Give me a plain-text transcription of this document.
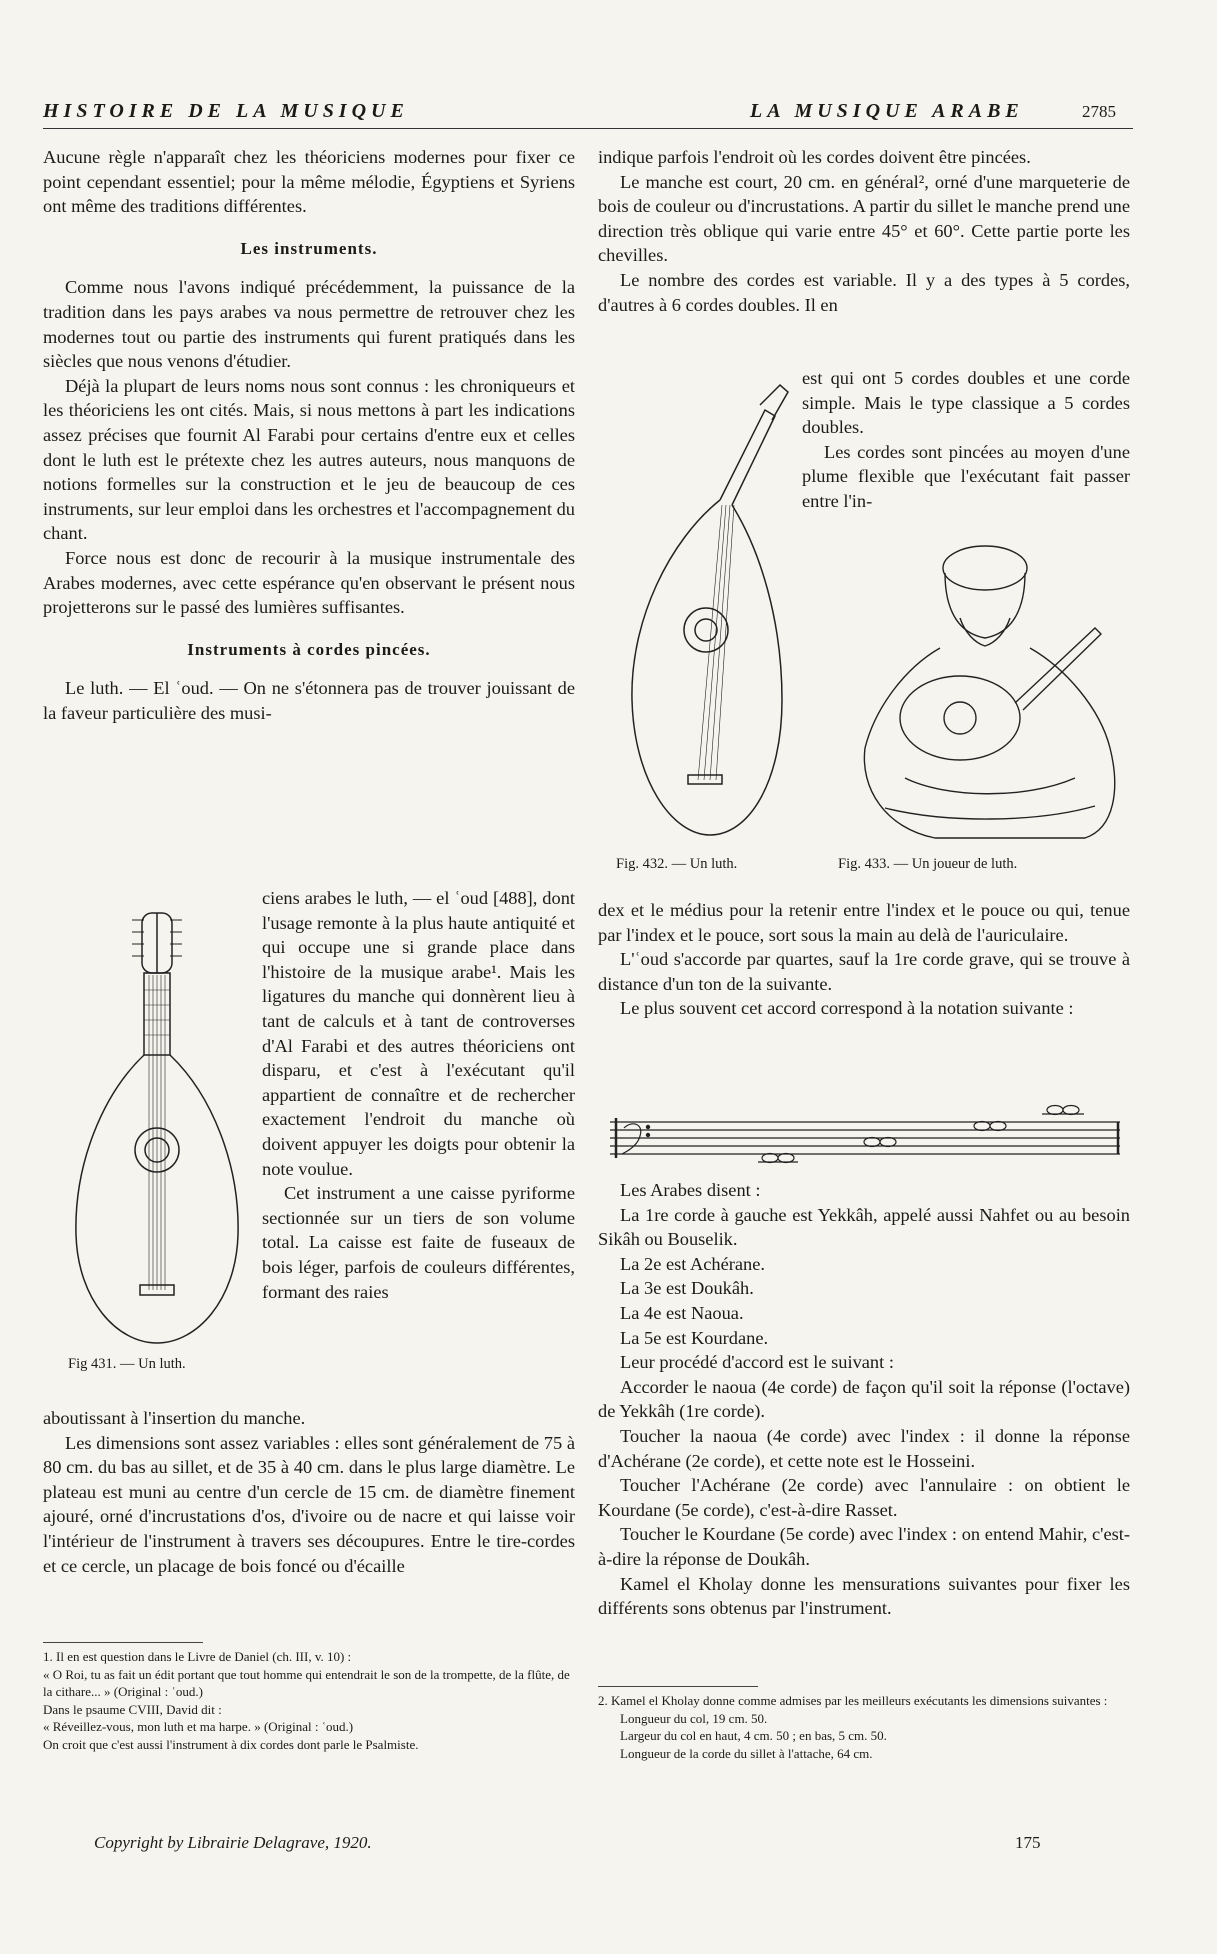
HISTOIRE DE LA MUSIQUE	LA MUSIQUE ARABE	2785

Aucune règle n'apparaît chez les théoriciens modernes pour fixer ce point cependant essentiel; pour la même mélodie, Égyptiens et Syriens ont même des traditions différentes.

Les instruments.

Comme nous l'avons indiqué précédemment, la puissance de la tradition dans les pays arabes va nous permettre de retrouver chez les modernes tout ou partie des instruments qui furent pratiqués dans les siècles que nous venons d'étudier.

Déjà la plupart de leurs noms nous sont connus : les chroniqueurs et les théoriciens les ont cités. Mais, si nous mettons à part les indications assez précises que fournit Al Farabi pour certains d'entre eux et celles dont le luth est le prétexte chez les autres auteurs, nous manquons de notions formelles sur la construction et le jeu de beaucoup de ces instruments, sur leur emploi dans les orchestres et l'accompagnement du chant.

Force nous est donc de recourir à la musique instrumentale des Arabes modernes, avec cette espérance qu'en observant le présent nous projetterons sur le passé des lumières suffisantes.

Instruments à cordes pincées.

Le luth. — El ʿoud. — On ne s'étonnera pas de trouver jouissant de la faveur particulière des musi-

ciens arabes le luth, — el ʿoud [488], dont l'usage remonte à la plus haute antiquité et qui occupe une si grande place dans l'histoire de la musique arabe¹. Mais les ligatures du manche qui donnèrent lieu à tant de calculs et à tant de controverses d'Al Farabi et des autres théoriciens ont disparu, et c'est à l'exécutant qu'il appartient de connaître et de rechercher exactement l'endroit du manche où doivent appuyer les doigts pour obtenir la note voulue.

Cet instrument a une caisse pyriforme sectionnée sur un tiers de son volume total. La caisse est faite de fuseaux de bois léger, parfois de couleurs différentes, formant des raies

Fig 431. — Un luth.

aboutissant à l'insertion du manche.

Les dimensions sont assez variables : elles sont généralement de 75 à 80 cm. du bas au sillet, et de 35 à 40 cm. dans le plus large diamètre. Le plateau est muni au centre d'un cercle de 15 cm. de diamètre finement ajouré, orné d'incrustations d'os, d'ivoire ou de nacre et qui laisse voir l'intérieur de l'instrument à travers ses découpures. Entre le tire-cordes et ce cercle, un placage de bois foncé ou d'écaille

1. Il en est question dans le Livre de Daniel (ch. III, v. 10) :
« O Roi, tu as fait un édit portant que tout homme qui entendrait le son de la trompette, de la flûte, de la cithare... » (Original : ʿoud.)
Dans le psaume CVIII, David dit :
« Réveillez-vous, mon luth et ma harpe. » (Original : ʿoud.)
On croit que c'est aussi l'instrument à dix cordes dont parle le Psalmiste.

indique parfois l'endroit où les cordes doivent être pincées.

Le manche est court, 20 cm. en général², orné d'une marqueterie de bois de couleur ou d'incrustations. A partir du sillet le manche prend une direction très oblique qui varie entre 45° et 60°. Cette partie porte les chevilles.

Le nombre des cordes est variable. Il y a des types à 5 cordes, d'autres à 6 cordes doubles. Il en

est qui ont 5 cordes doubles et une corde simple. Mais le type classique a 5 cordes doubles.

Les cordes sont pincées au moyen d'une plume flexible que l'exécutant fait passer entre l'in-

Fig. 432. — Un luth.	Fig. 433. — Un joueur de luth.

dex et le médius pour la retenir entre l'index et le pouce ou qui, tenue par l'index et le pouce, sort sous la main au delà de l'auriculaire.

L'ʿoud s'accorde par quartes, sauf la 1re corde grave, qui se trouve à distance d'un ton de la suivante.

Le plus souvent cet accord correspond à la notation suivante :

Les Arabes disent :

La 1re corde à gauche est Yekkâh, appelé aussi Nahfet ou au besoin Sikâh ou Bouselik.

La 2e est Achérane.

La 3e est Doukâh.

La 4e est Naoua.

La 5e est Kourdane.

Leur procédé d'accord est le suivant :

Accorder le naoua (4e corde) de façon qu'il soit la réponse (l'octave) de Yekkâh (1re corde).

Toucher la naoua (4e corde) avec l'index : il donne la réponse d'Achérane (2e corde), et cette note est le Hosseini.

Toucher l'Achérane (2e corde) avec l'annulaire : on obtient le Kourdane (5e corde), c'est-à-dire Rasset.

Toucher le Kourdane (5e corde) avec l'index : on entend Mahir, c'est-à-dire la réponse de Doukâh.

Kamel el Kholay donne les mensurations suivantes pour fixer les différents sons obtenus par l'instrument.

2. Kamel el Kholay donne comme admises par les meilleurs exécutants les dimensions suivantes :
Longueur du col, 19 cm. 50.
Largeur du col en haut, 4 cm. 50 ; en bas, 5 cm. 50.
Longueur de la corde du sillet à l'attache, 64 cm.
Copyright by Librairie Delagrave, 1920.	175
